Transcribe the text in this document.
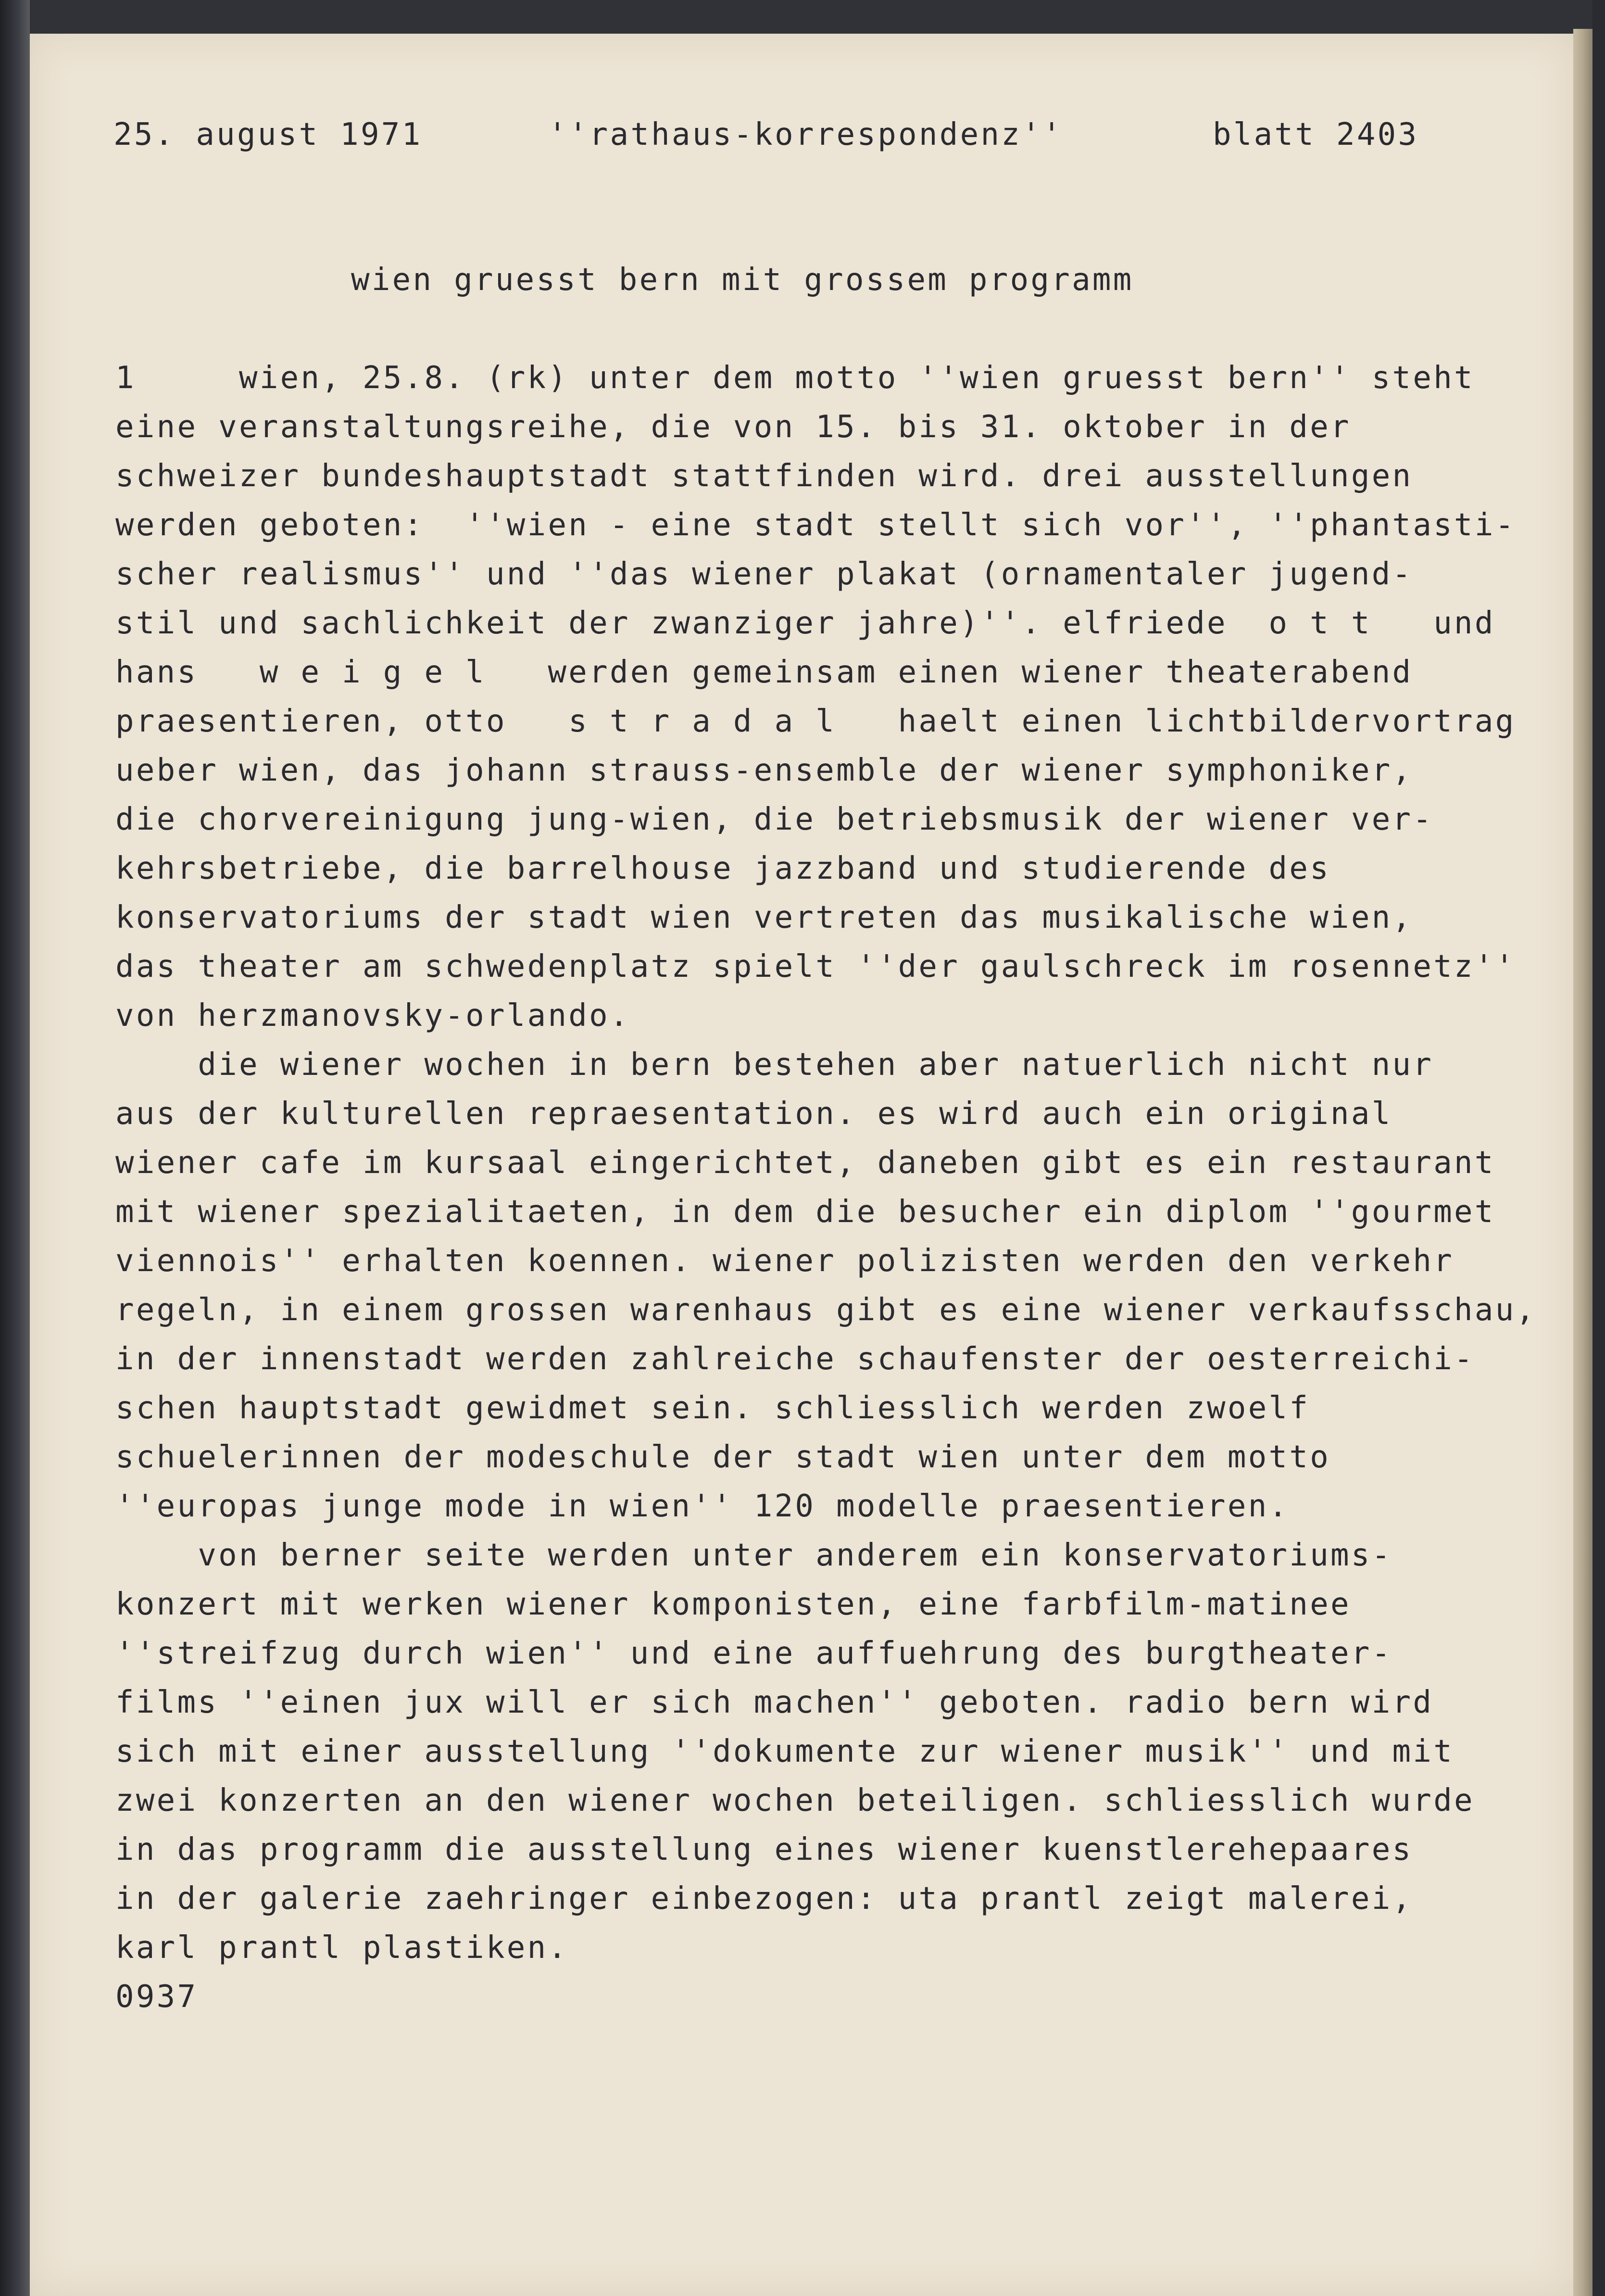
25. august 1971	''rathaus-korrespondenz''	blatt 2403
wien gruesst bern mit grossem programm
1     wien, 25.8. (rk) unter dem motto ''wien gruesst bern'' steht
eine veranstaltungsreihe, die von 15. bis 31. oktober in der
schweizer bundeshauptstadt stattfinden wird. drei ausstellungen
werden geboten:  ''wien - eine stadt stellt sich vor'', ''phantasti-
scher realismus'' und ''das wiener plakat (ornamentaler jugend-
stil und sachlichkeit der zwanziger jahre)''. elfriede  o t t   und
hans   w e i g e l   werden gemeinsam einen wiener theaterabend
praesentieren, otto   s t r a d a l   haelt einen lichtbildervortrag
ueber wien, das johann strauss-ensemble der wiener symphoniker,
die chorvereinigung jung-wien, die betriebsmusik der wiener ver-
kehrsbetriebe, die barrelhouse jazzband und studierende des
konservatoriums der stadt wien vertreten das musikalische wien,
das theater am schwedenplatz spielt ''der gaulschreck im rosennetz''
von herzmanovsky-orlando.
die wiener wochen in bern bestehen aber natuerlich nicht nur
aus der kulturellen repraesentation. es wird auch ein original
wiener cafe im kursaal eingerichtet, daneben gibt es ein restaurant
mit wiener spezialitaeten, in dem die besucher ein diplom ''gourmet
viennois'' erhalten koennen. wiener polizisten werden den verkehr
regeln, in einem grossen warenhaus gibt es eine wiener verkaufsschau,
in der innenstadt werden zahlreiche schaufenster der oesterreichi-
schen hauptstadt gewidmet sein. schliesslich werden zwoelf
schuelerinnen der modeschule der stadt wien unter dem motto
''europas junge mode in wien'' 120 modelle praesentieren.
von berner seite werden unter anderem ein konservatoriums-
konzert mit werken wiener komponisten, eine farbfilm-matinee
''streifzug durch wien'' und eine auffuehrung des burgtheater-
films ''einen jux will er sich machen'' geboten. radio bern wird
sich mit einer ausstellung ''dokumente zur wiener musik'' und mit
zwei konzerten an den wiener wochen beteiligen. schliesslich wurde
in das programm die ausstellung eines wiener kuenstlerehepaares
in der galerie zaehringer einbezogen: uta prantl zeigt malerei,
karl prantl plastiken.
0937
